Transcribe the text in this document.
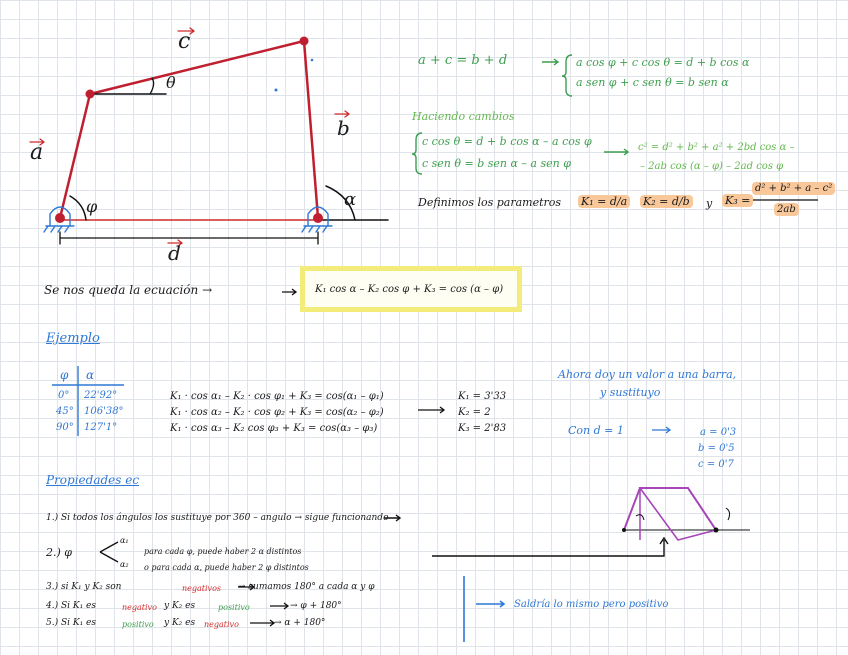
c
b
a
d
θ
φ	α
a + c = b + d	a cos φ + c cos θ = d + b cos α
a sen φ + c sen θ = b sen α
Haciendo cambios
c cos θ = d + b cos α – a cos φ
c sen θ = b sen α – a sen φ
c² = d² + b² + a² + 2bd cos α –
– 2ab cos (α – φ) – 2ad cos φ
Definimos los parametros K₁ = d/a K₂ = d/b y K₃ =
d² + b² + a – c²
2ab
Se nos queda la ecuación →	K₁ cos α – K₂ cos φ + K₃ = cos (α – φ)
Ejemplo
φ α
0° 22'92°
45° 106'38°
90° 127'1°
K₁ · cos α₁ – K₂ · cos φ₁ + K₃ = cos(α₁ – φ₁)
K₁ · cos α₂ – K₂ · cos φ₂ + K₃ = cos(α₂ – φ₂)
K₁ · cos α₃ – K₂ cos φ₃ + K₃ = cos(α₃ – φ₃)
K₁ = 3'33
K₂ = 2
K₃ = 2'83
Ahora doy un valor a una barra,
y sustituyo
Con d = 1	a = 0'3
b = 0'5
c = 0'7
Propiedades ec
1.) Si todos los ángulos los sustituye por 360 – angulo → sigue funcionando
2.) φ
α₁
α₂
para cada φ, puede haber 2 α distintos
o para cada α, puede haber 2 φ distintos
3.) si K₁ y K₂ son	negativos → sumamos 180° a cada α y φ
4.) Si K₁ es	negativo y K₂ es	positivo	→ φ + 180°
5.) Si K₁ es	positivo y K₂ es negativo	→ α + 180°
Saldría lo mismo pero positivo
